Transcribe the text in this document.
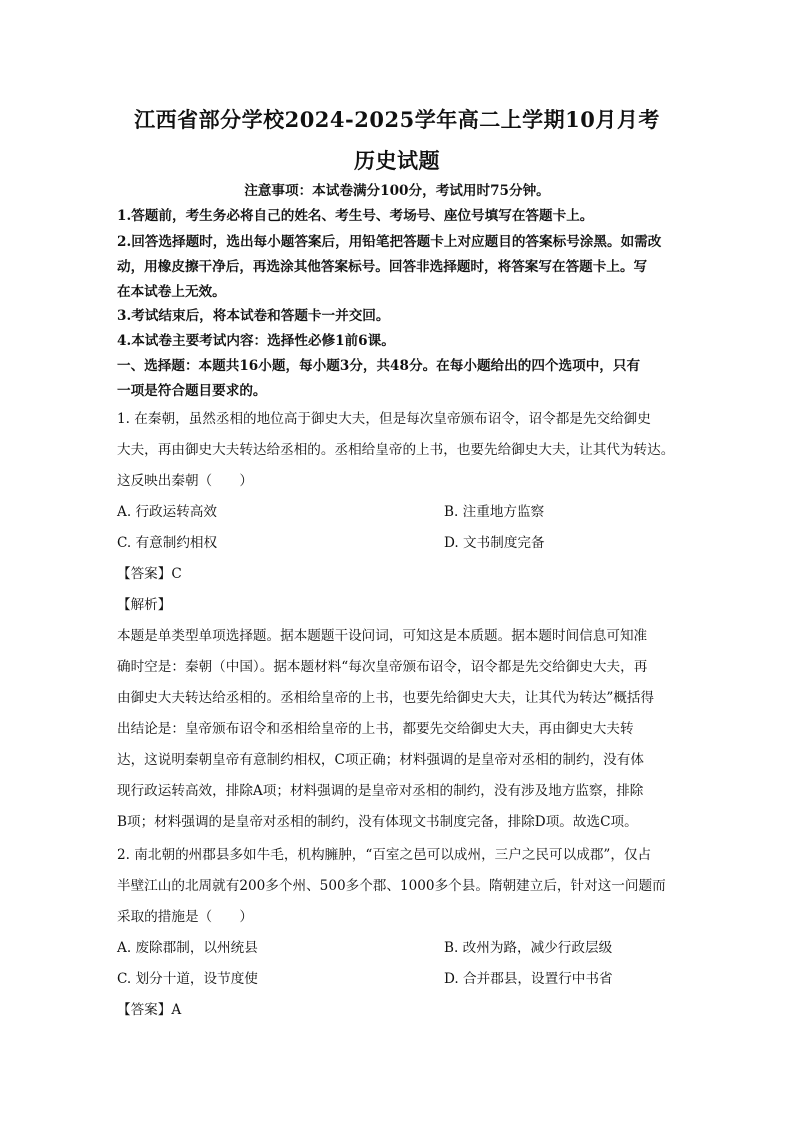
江西省部分学校2024-2025学年高二上学期10月月考
历史试题
注意事项：本试卷满分100分，考试用时75分钟。
1.答题前，考生务必将自己的姓名、考生号、考场号、座位号填写在答题卡上。
2.回答选择题时，选出每小题答案后，用铅笔把答题卡上对应题目的答案标号涂黑。如需改
动，用橡皮擦干净后，再选涂其他答案标号。回答非选择题时，将答案写在答题卡上。写
在本试卷上无效。
3.考试结束后，将本试卷和答题卡一并交回。
4.本试卷主要考试内容：选择性必修1前6课。
一、选择题：本题共16小题，每小题3分，共48分。在每小题给出的四个选项中，只有
一项是符合题目要求的。
1. 在秦朝，虽然丞相的地位高于御史大夫，但是每次皇帝颁布诏令，诏令都是先交给御史
大夫，再由御史大夫转达给丞相的。丞相给皇帝的上书，也要先给御史大夫，让其代为转达。
这反映出秦朝（　　）
A. 行政运转高效	B. 注重地方监察
C. 有意制约相权	D. 文书制度完备
【答案】C
【解析】
本题是单类型单项选择题。据本题题干设问词，可知这是本质题。据本题时间信息可知准
确时空是：秦朝（中国）。据本题材料“每次皇帝颁布诏令，诏令都是先交给御史大夫，再
由御史大夫转达给丞相的。丞相给皇帝的上书，也要先给御史大夫，让其代为转达”概括得
出结论是：皇帝颁布诏令和丞相给皇帝的上书，都要先交给御史大夫，再由御史大夫转
达，这说明秦朝皇帝有意制约相权，C项正确；材料强调的是皇帝对丞相的制约，没有体
现行政运转高效，排除A项；材料强调的是皇帝对丞相的制约，没有涉及地方监察，排除
B项；材料强调的是皇帝对丞相的制约，没有体现文书制度完备，排除D项。故选C项。
2. 南北朝的州郡县多如牛毛，机构臃肿，“百室之邑可以成州，三户之民可以成郡”，仅占
半壁江山的北周就有200多个州、500多个郡、1000多个县。隋朝建立后，针对这一问题而
采取的措施是（　　）
A. 废除郡制，以州统县	B. 改州为路，减少行政层级
C. 划分十道，设节度使	D. 合并郡县，设置行中书省
【答案】A
